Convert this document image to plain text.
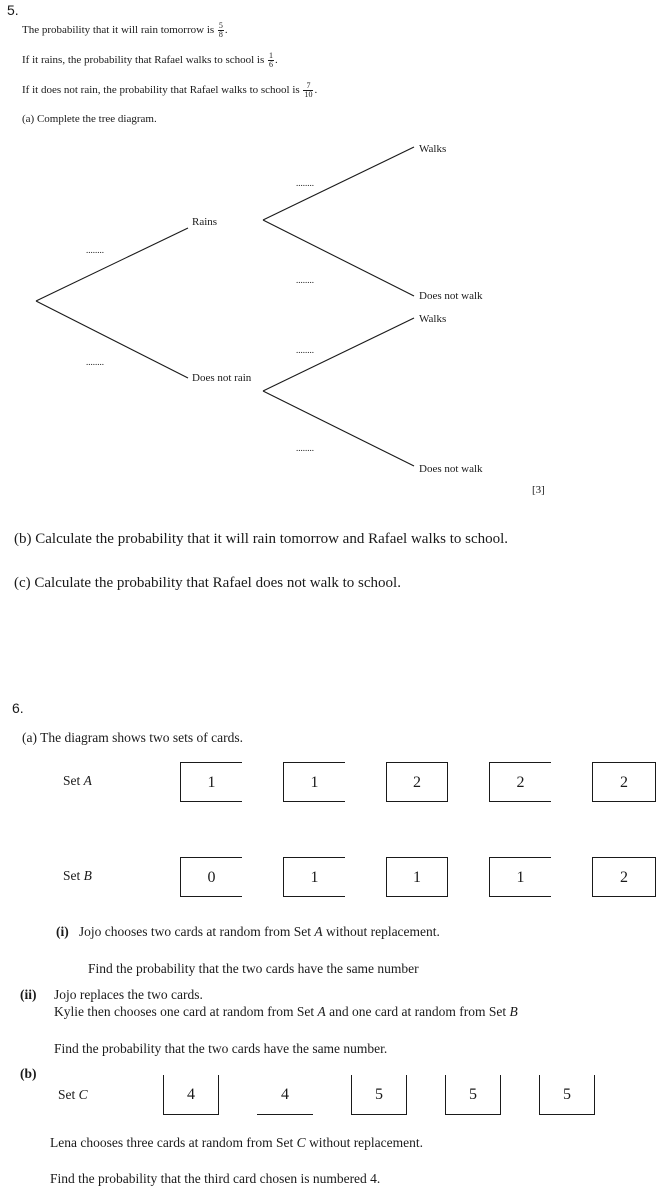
5.
The probability that it will rain tomorrow is $\frac{5}{8}$ .
If it rains, the probability that Rafael walks to school is $\frac{1}{6}$ .
If it does not rain, the probability that Rafael walks to school is $\frac{7}{10}$ .
(a) Complete the tree diagram.
Rains
Does not rain
Walks
Does not walk
Walks
Does not walk
........
........
........
........
........
........
[3]
(b) Calculate the probability that it will rain tomorrow and Rafael walks to school.
(c) Calculate the probability that Rafael does not walk to school.
6.
(a) The diagram shows two sets of cards.
Set A	1	1	2	2	2
Set B	0	1	1	1	2
(i) Jojo chooses two cards at random from Set A without replacement.
Find the probability that the two cards have the same number
(ii) Jojo replaces the two cards.
Kylie then chooses one card at random from Set A and one card at random from Set B
Find the probability that the two cards have the same number.
(b)
Set C	4	4	5	5	5
Lena chooses three cards at random from Set C without replacement.
Find the probability that the third card chosen is numbered 4.
